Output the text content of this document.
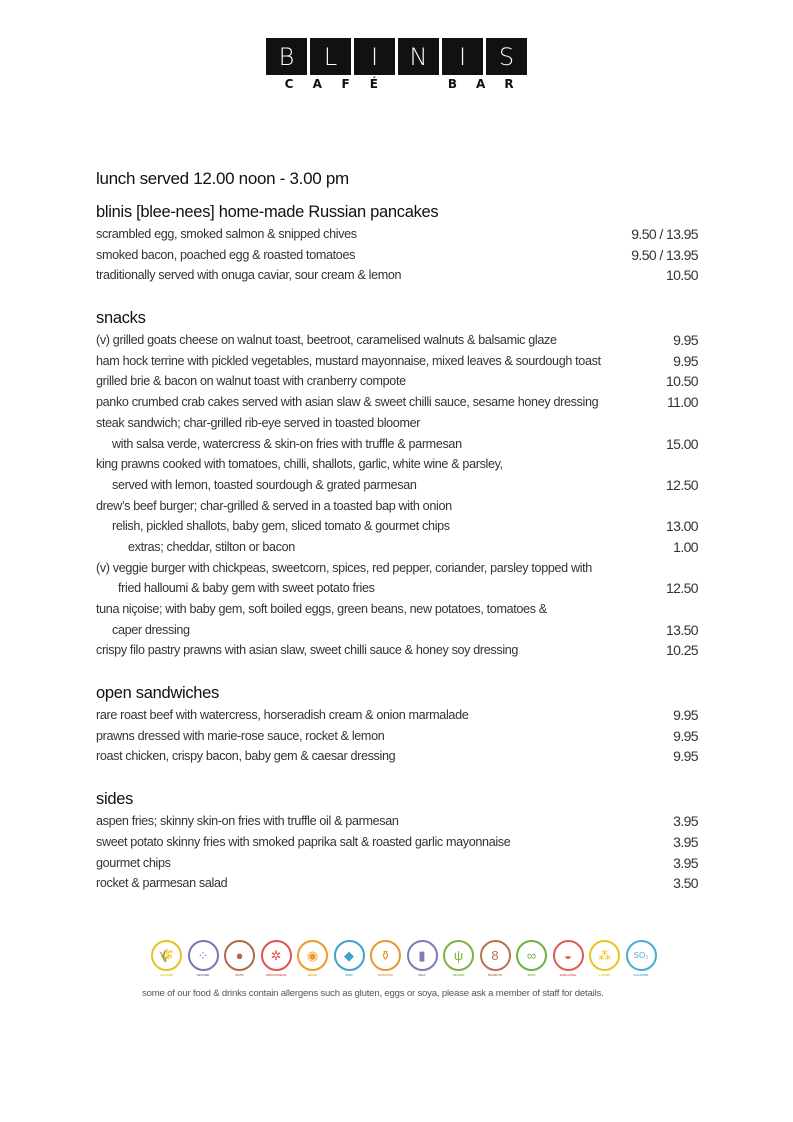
B	L	I	N	I	S
C A F É	B A R

lunch served 12.00 noon - 3.00 pm

blinis [blee-nees] home-made Russian pancakes
scrambled egg, smoked salmon & snipped chives	9.50 / 13.95
smoked bacon, poached egg & roasted tomatoes	9.50 / 13.95
traditionally served with onuga caviar, sour cream & lemon	10.50
snacks
(v) grilled goats cheese on walnut toast, beetroot, caramelised walnuts & balsamic glaze	9.95
ham hock terrine with pickled vegetables, mustard mayonnaise, mixed leaves & sourdough toast	9.95
grilled brie & bacon on walnut toast with cranberry compote	10.50
panko crumbed crab cakes served with asian slaw & sweet chilli sauce, sesame honey dressing	11.00
steak sandwich; char-grilled rib-eye served in toasted bloomer
with salsa verde, watercress & skin-on fries with truffle & parmesan	15.00
king prawns cooked with tomatoes, chilli, shallots, garlic, white wine & parsley,
served with lemon, toasted sourdough & grated parmesan	12.50
drew’s beef burger; char-grilled & served in a toasted bap with onion
relish, pickled shallots, baby gem, sliced tomato & gourmet chips	13.00
extras; cheddar, stilton or bacon	1.00
(v) veggie burger with chickpeas, sweetcorn, spices, red pepper, coriander, parsley topped with
fried halloumi & baby gem with sweet potato fries	12.50
tuna niçoise; with baby gem, soft boiled eggs, green beans, new potatoes, tomatoes &
caper dressing	13.50
crispy filo pastry prawns with asian slaw, sweet chilli sauce & honey soy dressing	10.25
open sandwiches
rare roast beef with watercress, horseradish cream & onion marmalade	9.95
prawns dressed with marie-rose sauce, rocket & lemon	9.95
roast chicken, crispy bacon, baby gem & caesar dressing	9.95
sides
aspen fries; skinny skin-on fries with truffle oil & parmesan	3.95
sweet potato skinny fries with smoked paprika salt & roasted garlic mayonnaise	3.95
gourmet chips	3.95
rocket & parmesan salad	3.50
🌾
GLUTEN
⁘
SESAME
●
NUTS
✲
CRUSTACEAN
◉
EGGS
◆
FISH
⚱
MUSTARD
▮
MILK
ψ
CELERY
8
PEANUTS
∞
SOYA
◒
SHELLFISH
⁂
LUPINS
SO₂
SULPHITE
some of our food & drinks contain allergens such as gluten, eggs or soya, please ask a member of staff for details.
